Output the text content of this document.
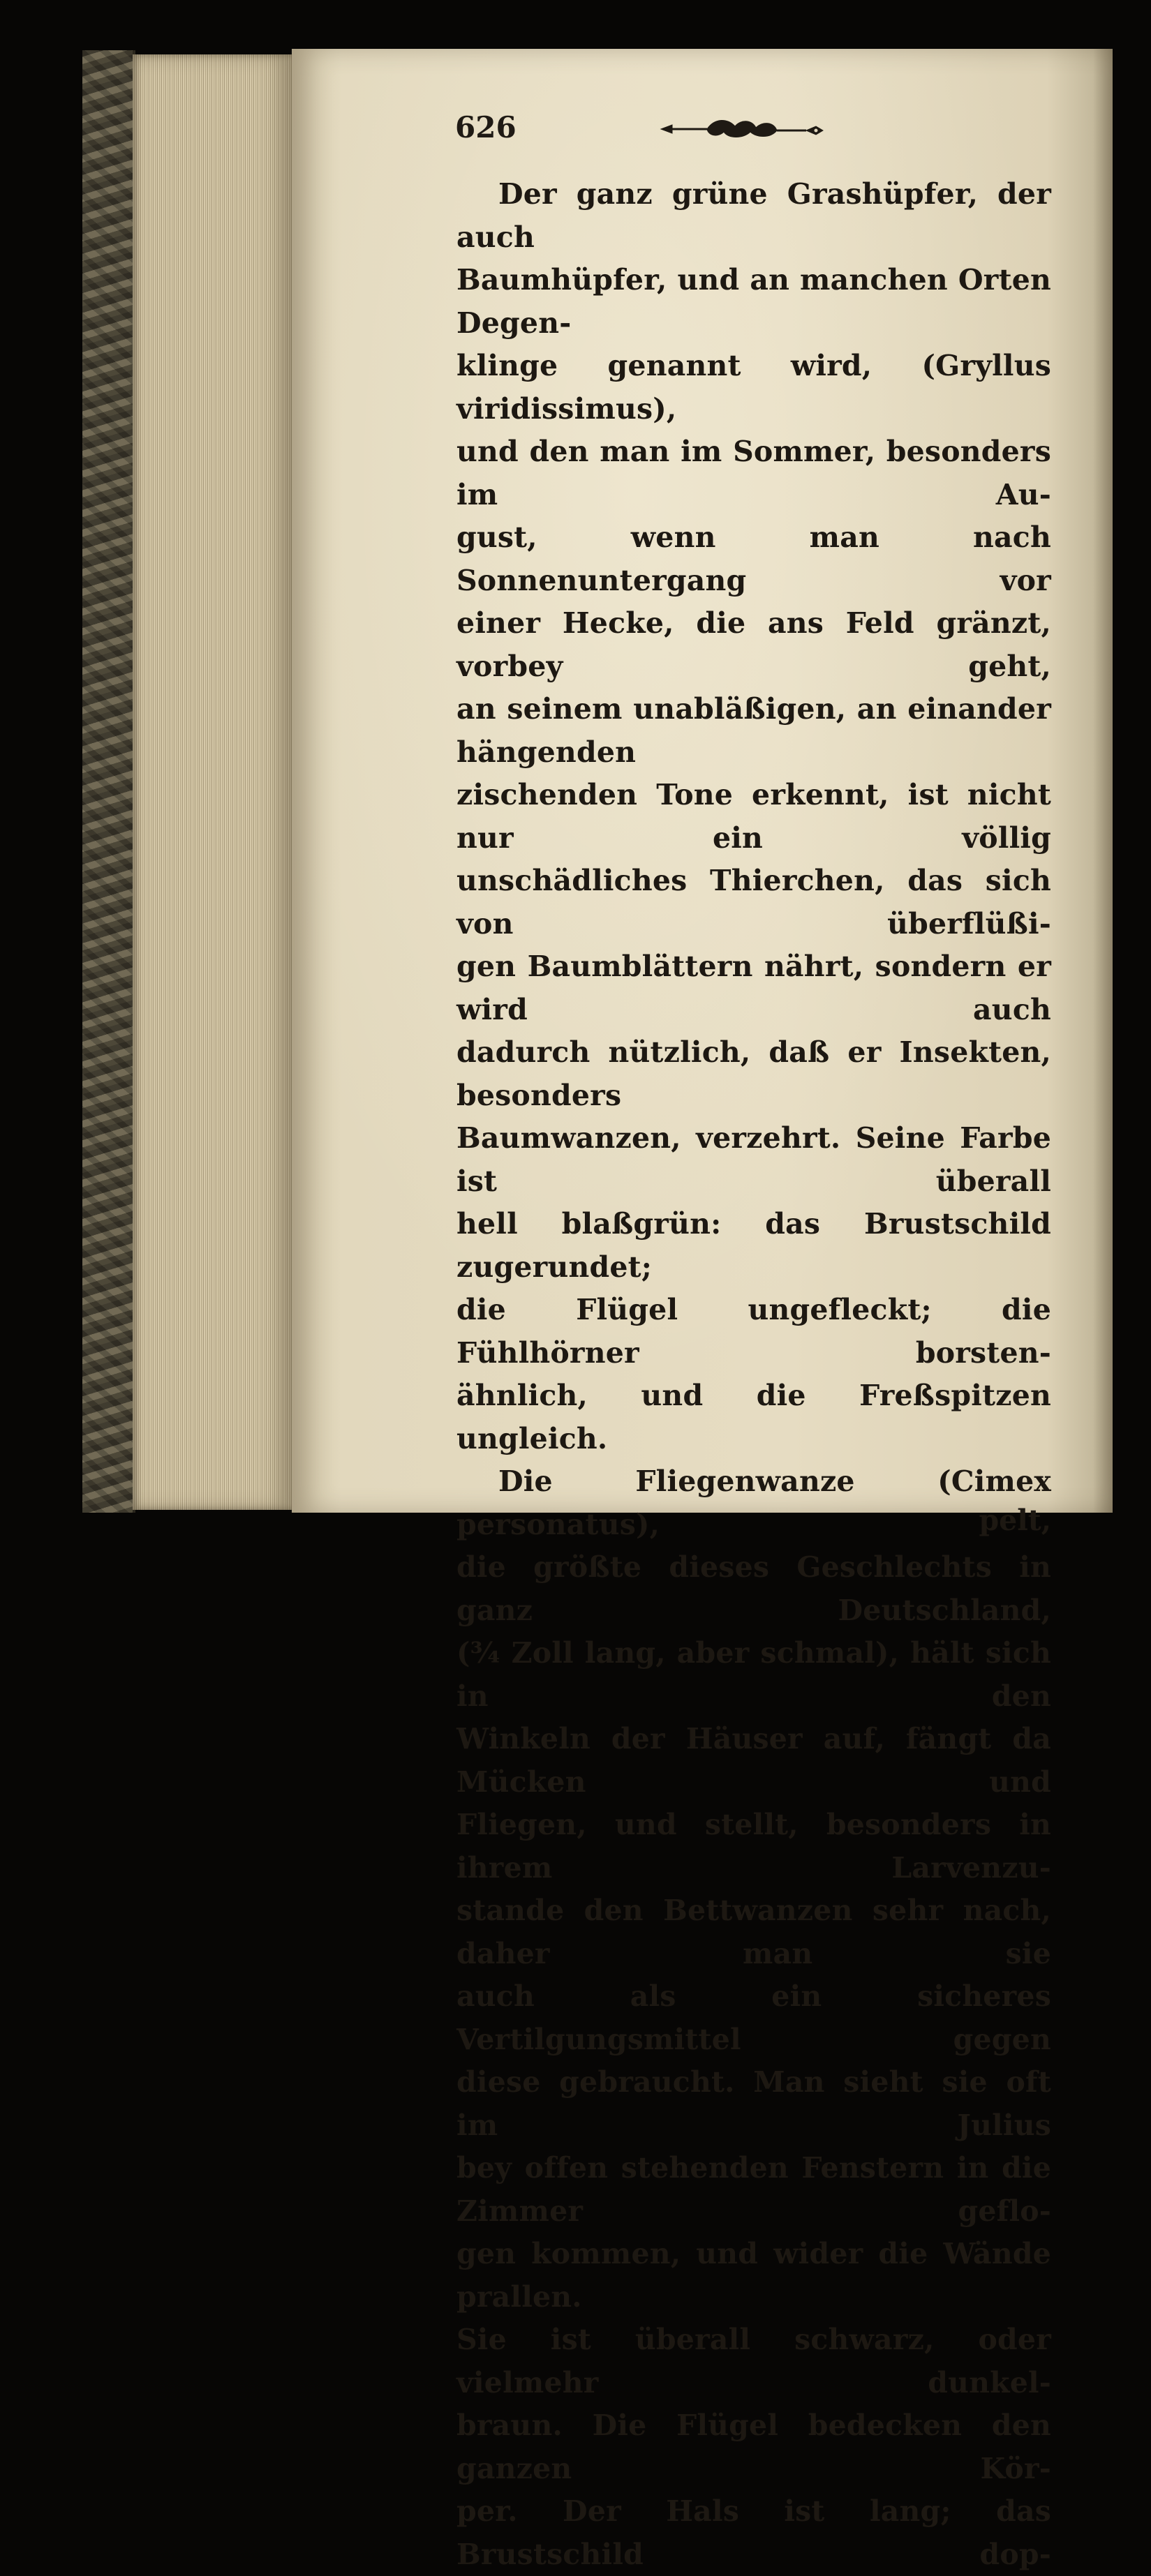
626

Der ganz grüne Grashüpfer, der auch
Baumhüpfer, und an manchen Orten Degen-
klinge genannt wird, (Gryllus viridissimus),
und den man im Sommer, besonders im Au-
gust, wenn man nach Sonnenuntergang vor
einer Hecke, die ans Feld gränzt, vorbey geht,
an seinem unabläßigen, an einander hängenden
zischenden Tone erkennt, ist nicht nur ein völlig
unschädliches Thierchen, das sich von überflüßi-
gen Baumblättern nährt, sondern er wird auch
dadurch nützlich, daß er Insekten, besonders
Baumwanzen, verzehrt. Seine Farbe ist überall
hell blaßgrün: das Brustschild zugerundet;
die Flügel ungefleckt; die Fühlhörner borsten-
ähnlich, und die Freßspitzen ungleich.

Die Fliegenwanze (Cimex personatus),
die größte dieses Geschlechts in ganz Deutschland,
(¾ Zoll lang, aber schmal), hält sich in den
Winkeln der Häuser auf, fängt da Mücken und
Fliegen, und stellt, besonders in ihrem Larvenzu-
stande den Bettwanzen sehr nach, daher man sie
auch als ein sicheres Vertilgungsmittel gegen
diese gebraucht. Man sieht sie oft im Julius
bey offen stehenden Fenstern in die Zimmer geflo-
gen kommen, und wider die Wände prallen.
Sie ist überall schwarz, oder vielmehr dunkel-
braun. Die Flügel bedecken den ganzen Kör-
per. Der Hals ist lang; das Brustschild dop-

pelt,
